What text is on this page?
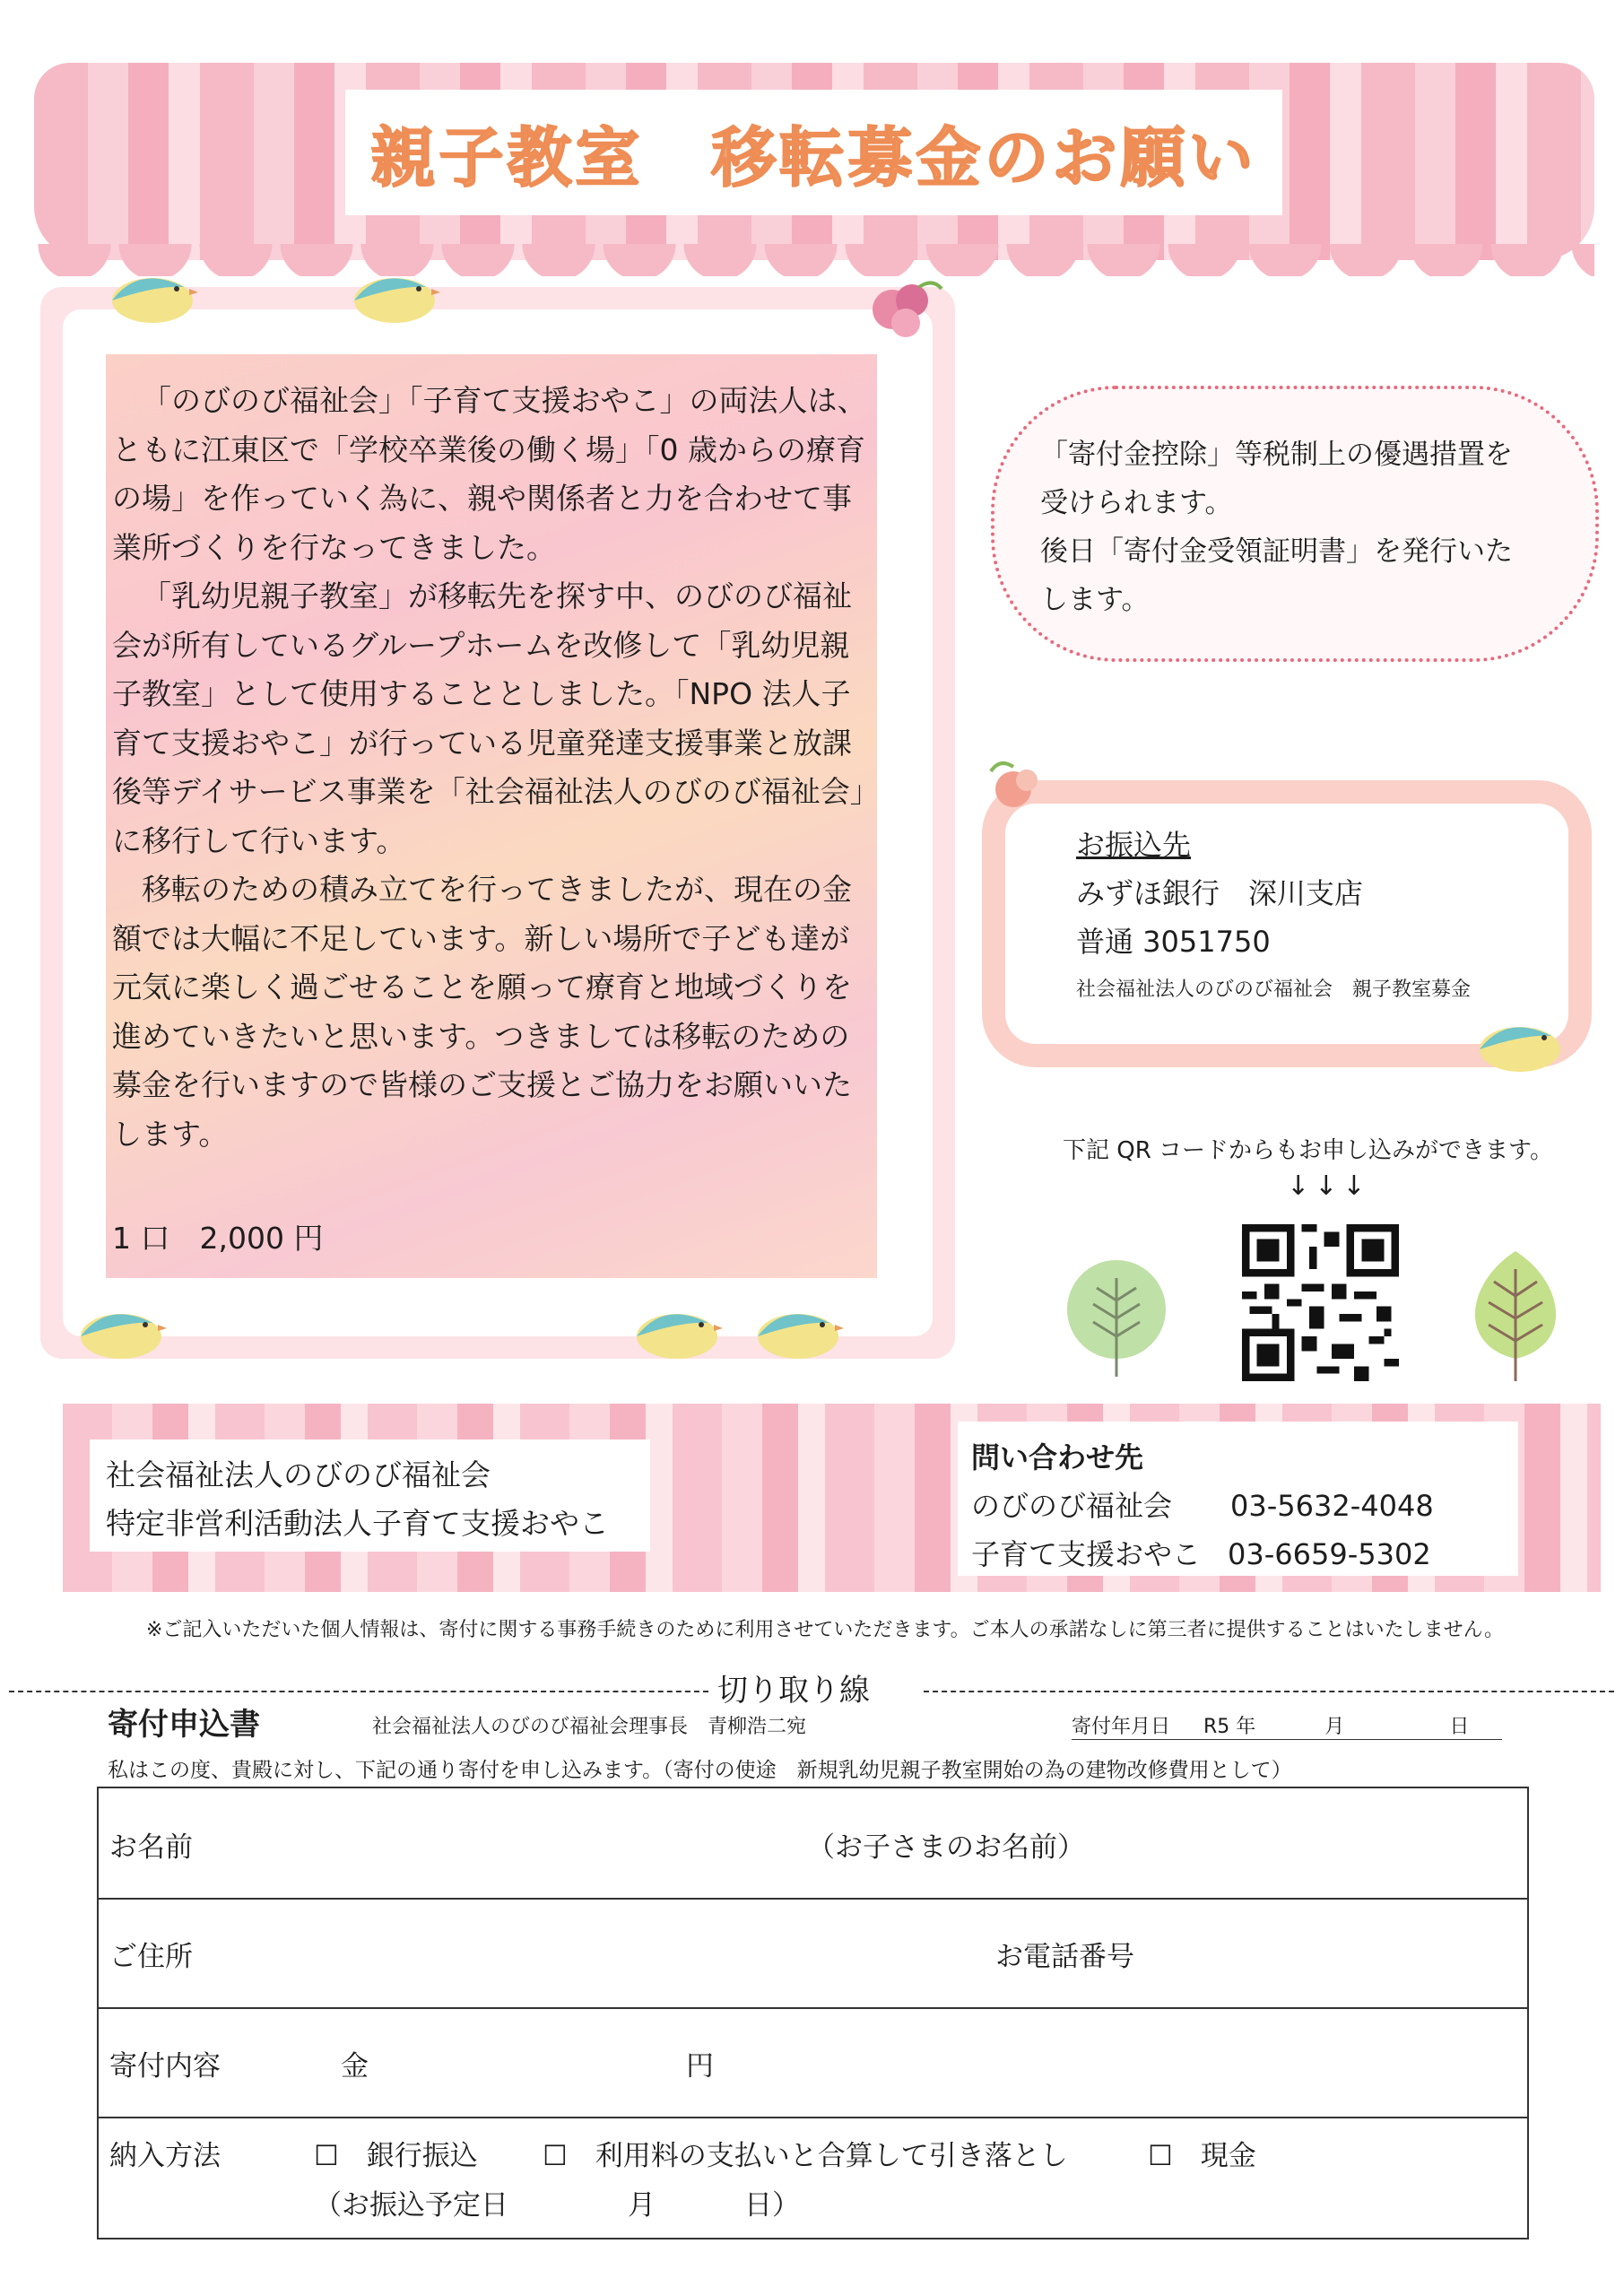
親子教室　移転募金のお願い

「のびのび福祉会」「子育て支援おやこ」の両法人は、ともに江東区で「学校卒業後の働く場」「0 歳からの療育の場」を作っていく為に、親や関係者と力を合わせて事業所づくりを行なってきました。

「乳幼児親子教室」が移転先を探す中、のびのび福祉会が所有しているグループホームを改修して「乳幼児親子教室」として使用することとしました。「NPO 法人子育て支援おやこ」が行っている児童発達支援事業と放課後等デイサービス事業を「社会福祉法人のびのび福祉会」に移行して行います。

移転のための積み立てを行ってきましたが、現在の金額では大幅に不足しています。新しい場所で子ども達が元気に楽しく過ごせることを願って療育と地域づくりを進めていきたいと思います。つきましては移転のための募金を行いますので皆様のご支援とご協力をお願いいたします。

1 口　2,000 円
「寄付金控除」等税制上の優遇措置を
受けられます。
後日「寄付金受領証明書」を発行いた
します。
お振込先
みずほ銀行　深川支店
普通 3051750
社会福祉法人のびのび福祉会　親子教室募金
下記 QR コードからもお申し込みができます。
↓↓↓
社会福祉法人のびのび福祉会
特定非営利活動法人子育て支援おやこ
問い合わせ先
のびのび福祉会 03-5632-4048
子育て支援おやこ 03-6659-5302
※ご記入いただいた個人情報は、寄付に関する事務手続きのために利用させていただきます。ご本人の承諾なしに第三者に提供することはいたしません。
切り取り線
寄付申込書	社会福祉法人のびのび福祉会理事長　青柳浩二宛	寄付年月日 R5 年	月	日
私はこの度、貴殿に対し、下記の通り寄付を申し込みます。（寄付の使途　新規乳幼児親子教室開始の為の建物改修費用として）
お名前	（お子さまのお名前）
ご住所	お電話番号
寄付内容	金	円
納入方法	☐　銀行振込 ☐　利用料の支払いと合算して引き落とし	☐　現金
（お振込予定日	月	日）
